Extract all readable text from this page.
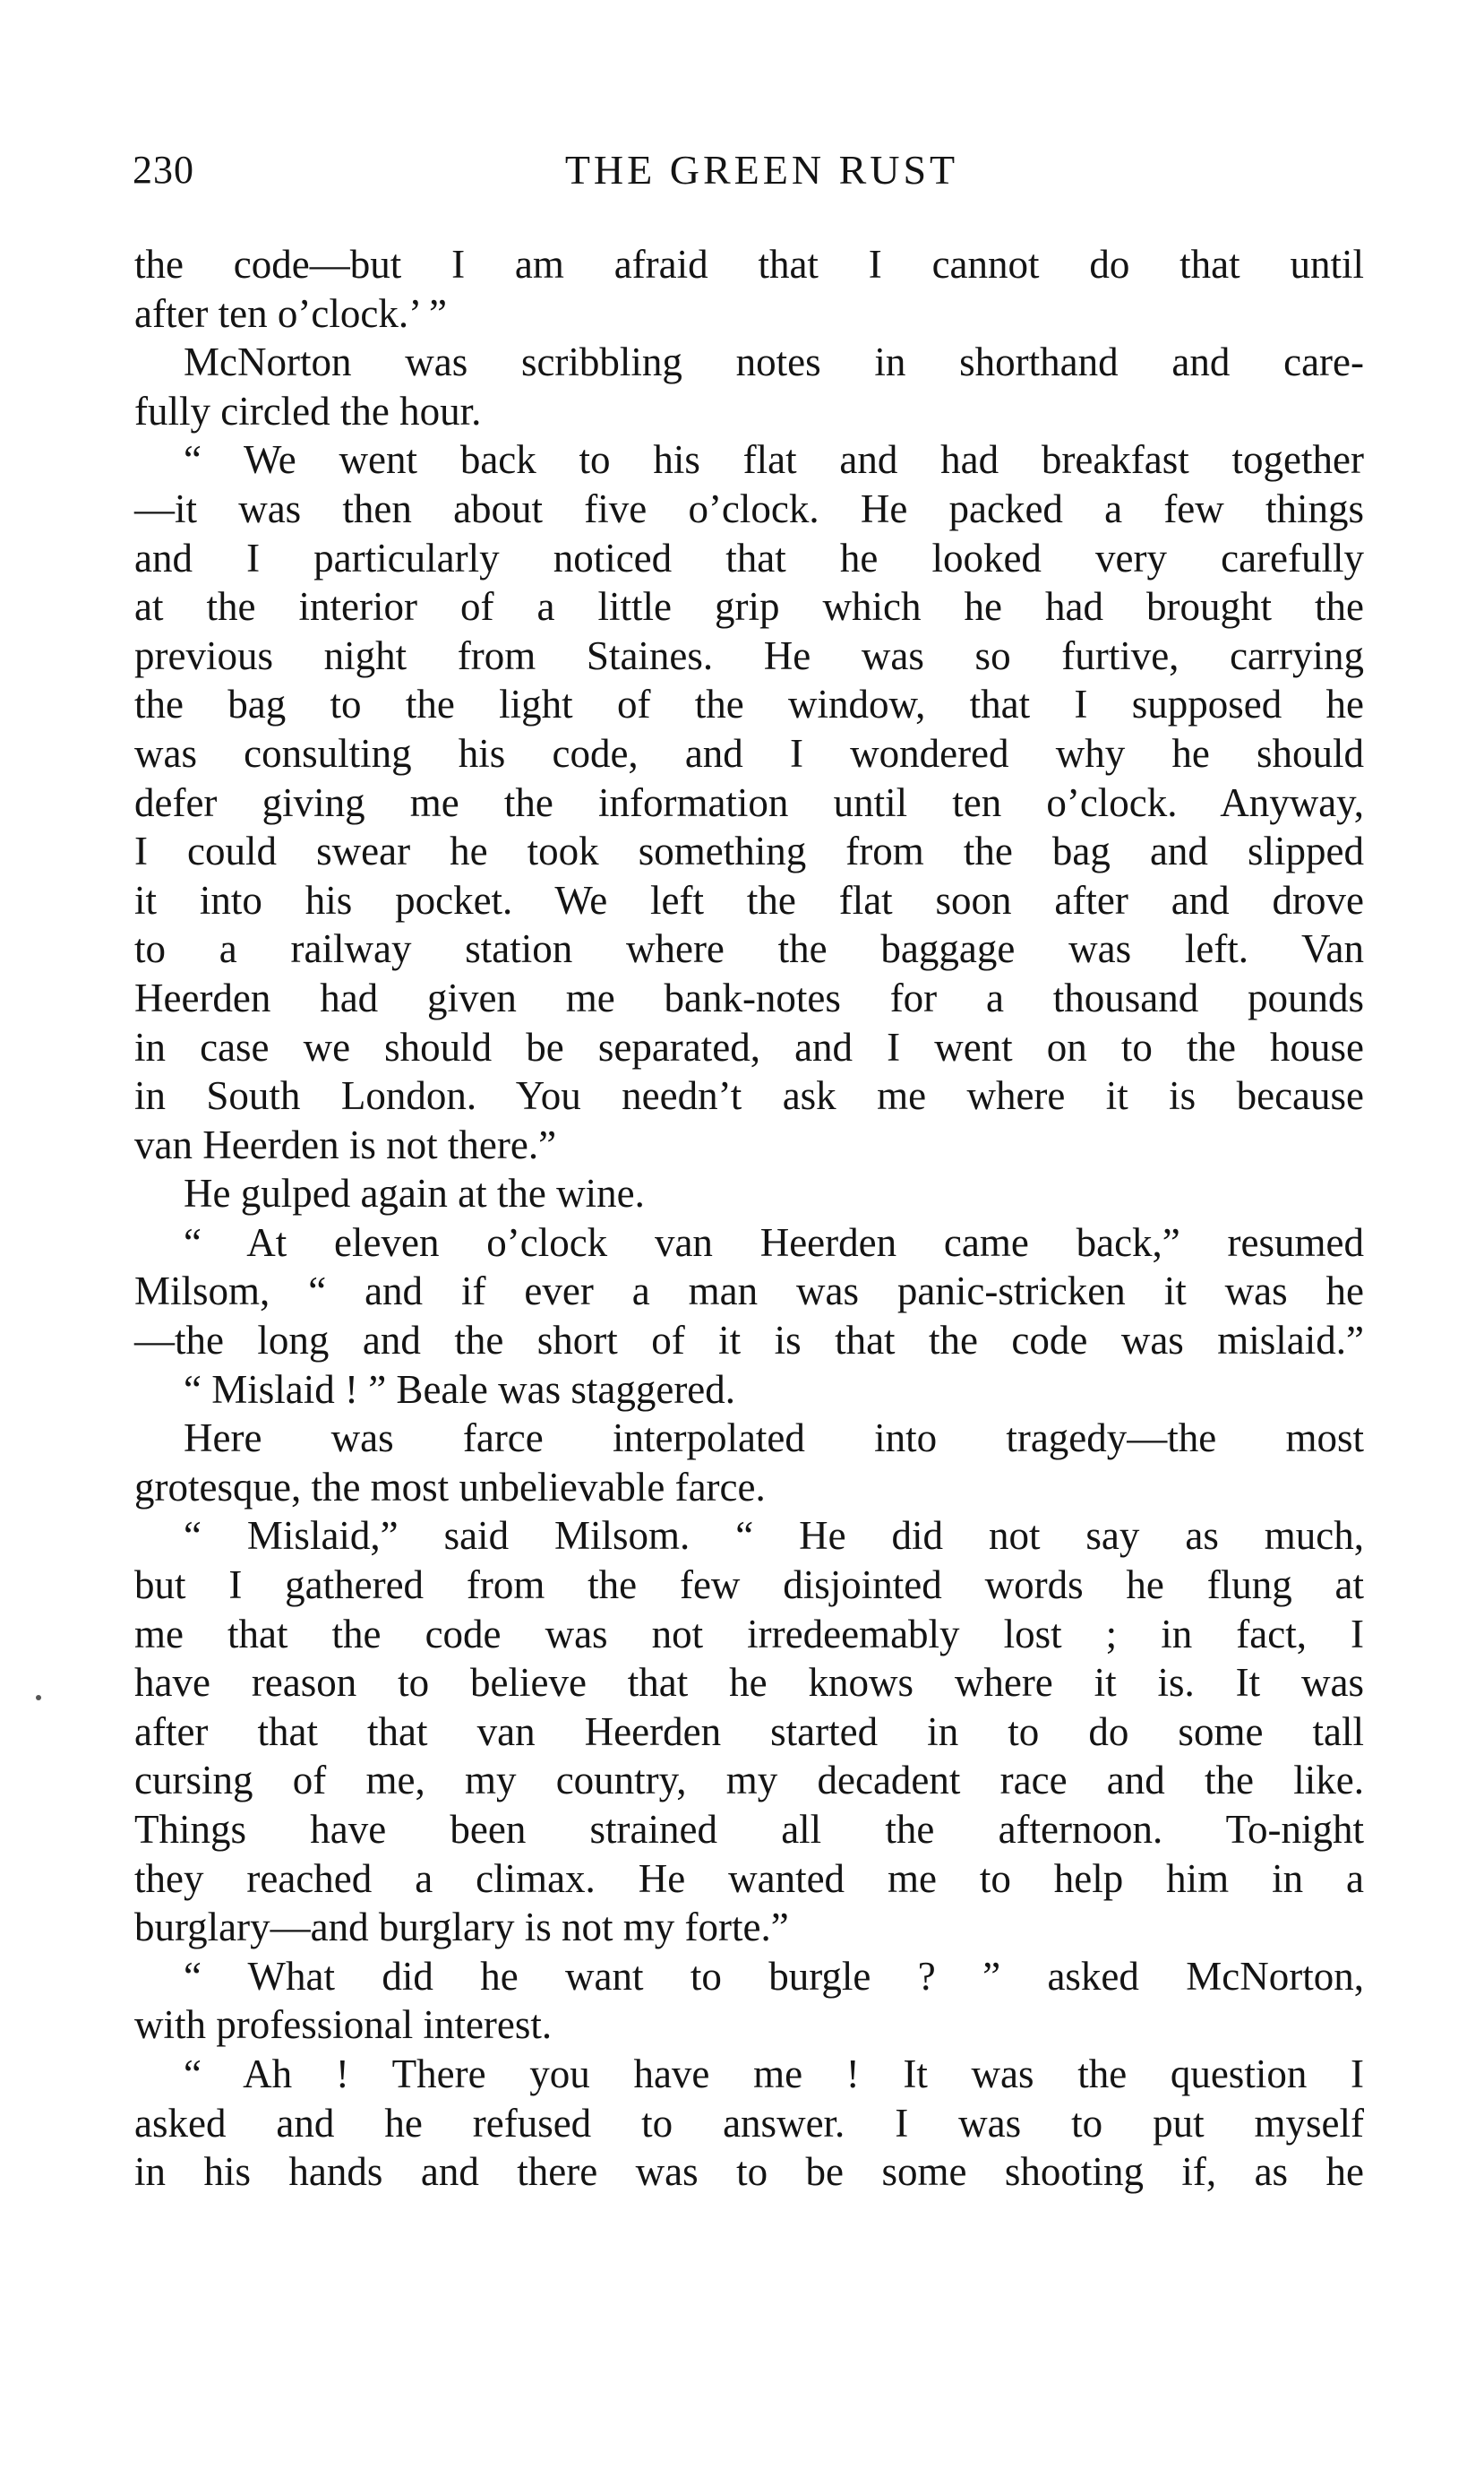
230	THE GREEN RUST
the code—but I am afraid that I cannot do that until
after ten o’clock.’ ”
McNorton was scribbling notes in shorthand and care-
fully circled the hour.
“ We went back to his flat and had breakfast together
—it was then about five o’clock. He packed a few things
and I particularly noticed that he looked very carefully
at the interior of a little grip which he had brought the
previous night from Staines. He was so furtive, carrying
the bag to the light of the window, that I supposed he
was consulting his code, and I wondered why he should
defer giving me the information until ten o’clock. Anyway,
I could swear he took something from the bag and slipped
it into his pocket. We left the flat soon after and drove
to a railway station where the baggage was left. Van
Heerden had given me bank-notes for a thousand pounds
in case we should be separated, and I went on to the house
in South London. You needn’t ask me where it is because
van Heerden is not there.”
He gulped again at the wine.
“ At eleven o’clock van Heerden came back,” resumed
Milsom, “ and if ever a man was panic-stricken it was he
—the long and the short of it is that the code was mislaid.”
“ Mislaid ! ” Beale was staggered.
Here was farce interpolated into tragedy—the most
grotesque, the most unbelievable farce.
“ Mislaid,” said Milsom. “ He did not say as much,
but I gathered from the few disjointed words he flung at
me that the code was not irredeemably lost ; in fact, I
have reason to believe that he knows where it is. It was
after that that van Heerden started in to do some tall
cursing of me, my country, my decadent race and the like.
Things have been strained all the afternoon. To-night
they reached a climax. He wanted me to help him in a
burglary—and burglary is not my forte.”
“ What did he want to burgle ? ” asked McNorton,
with professional interest.
“ Ah ! There you have me ! It was the question I
asked and he refused to answer. I was to put myself
in his hands and there was to be some shooting if, as he
